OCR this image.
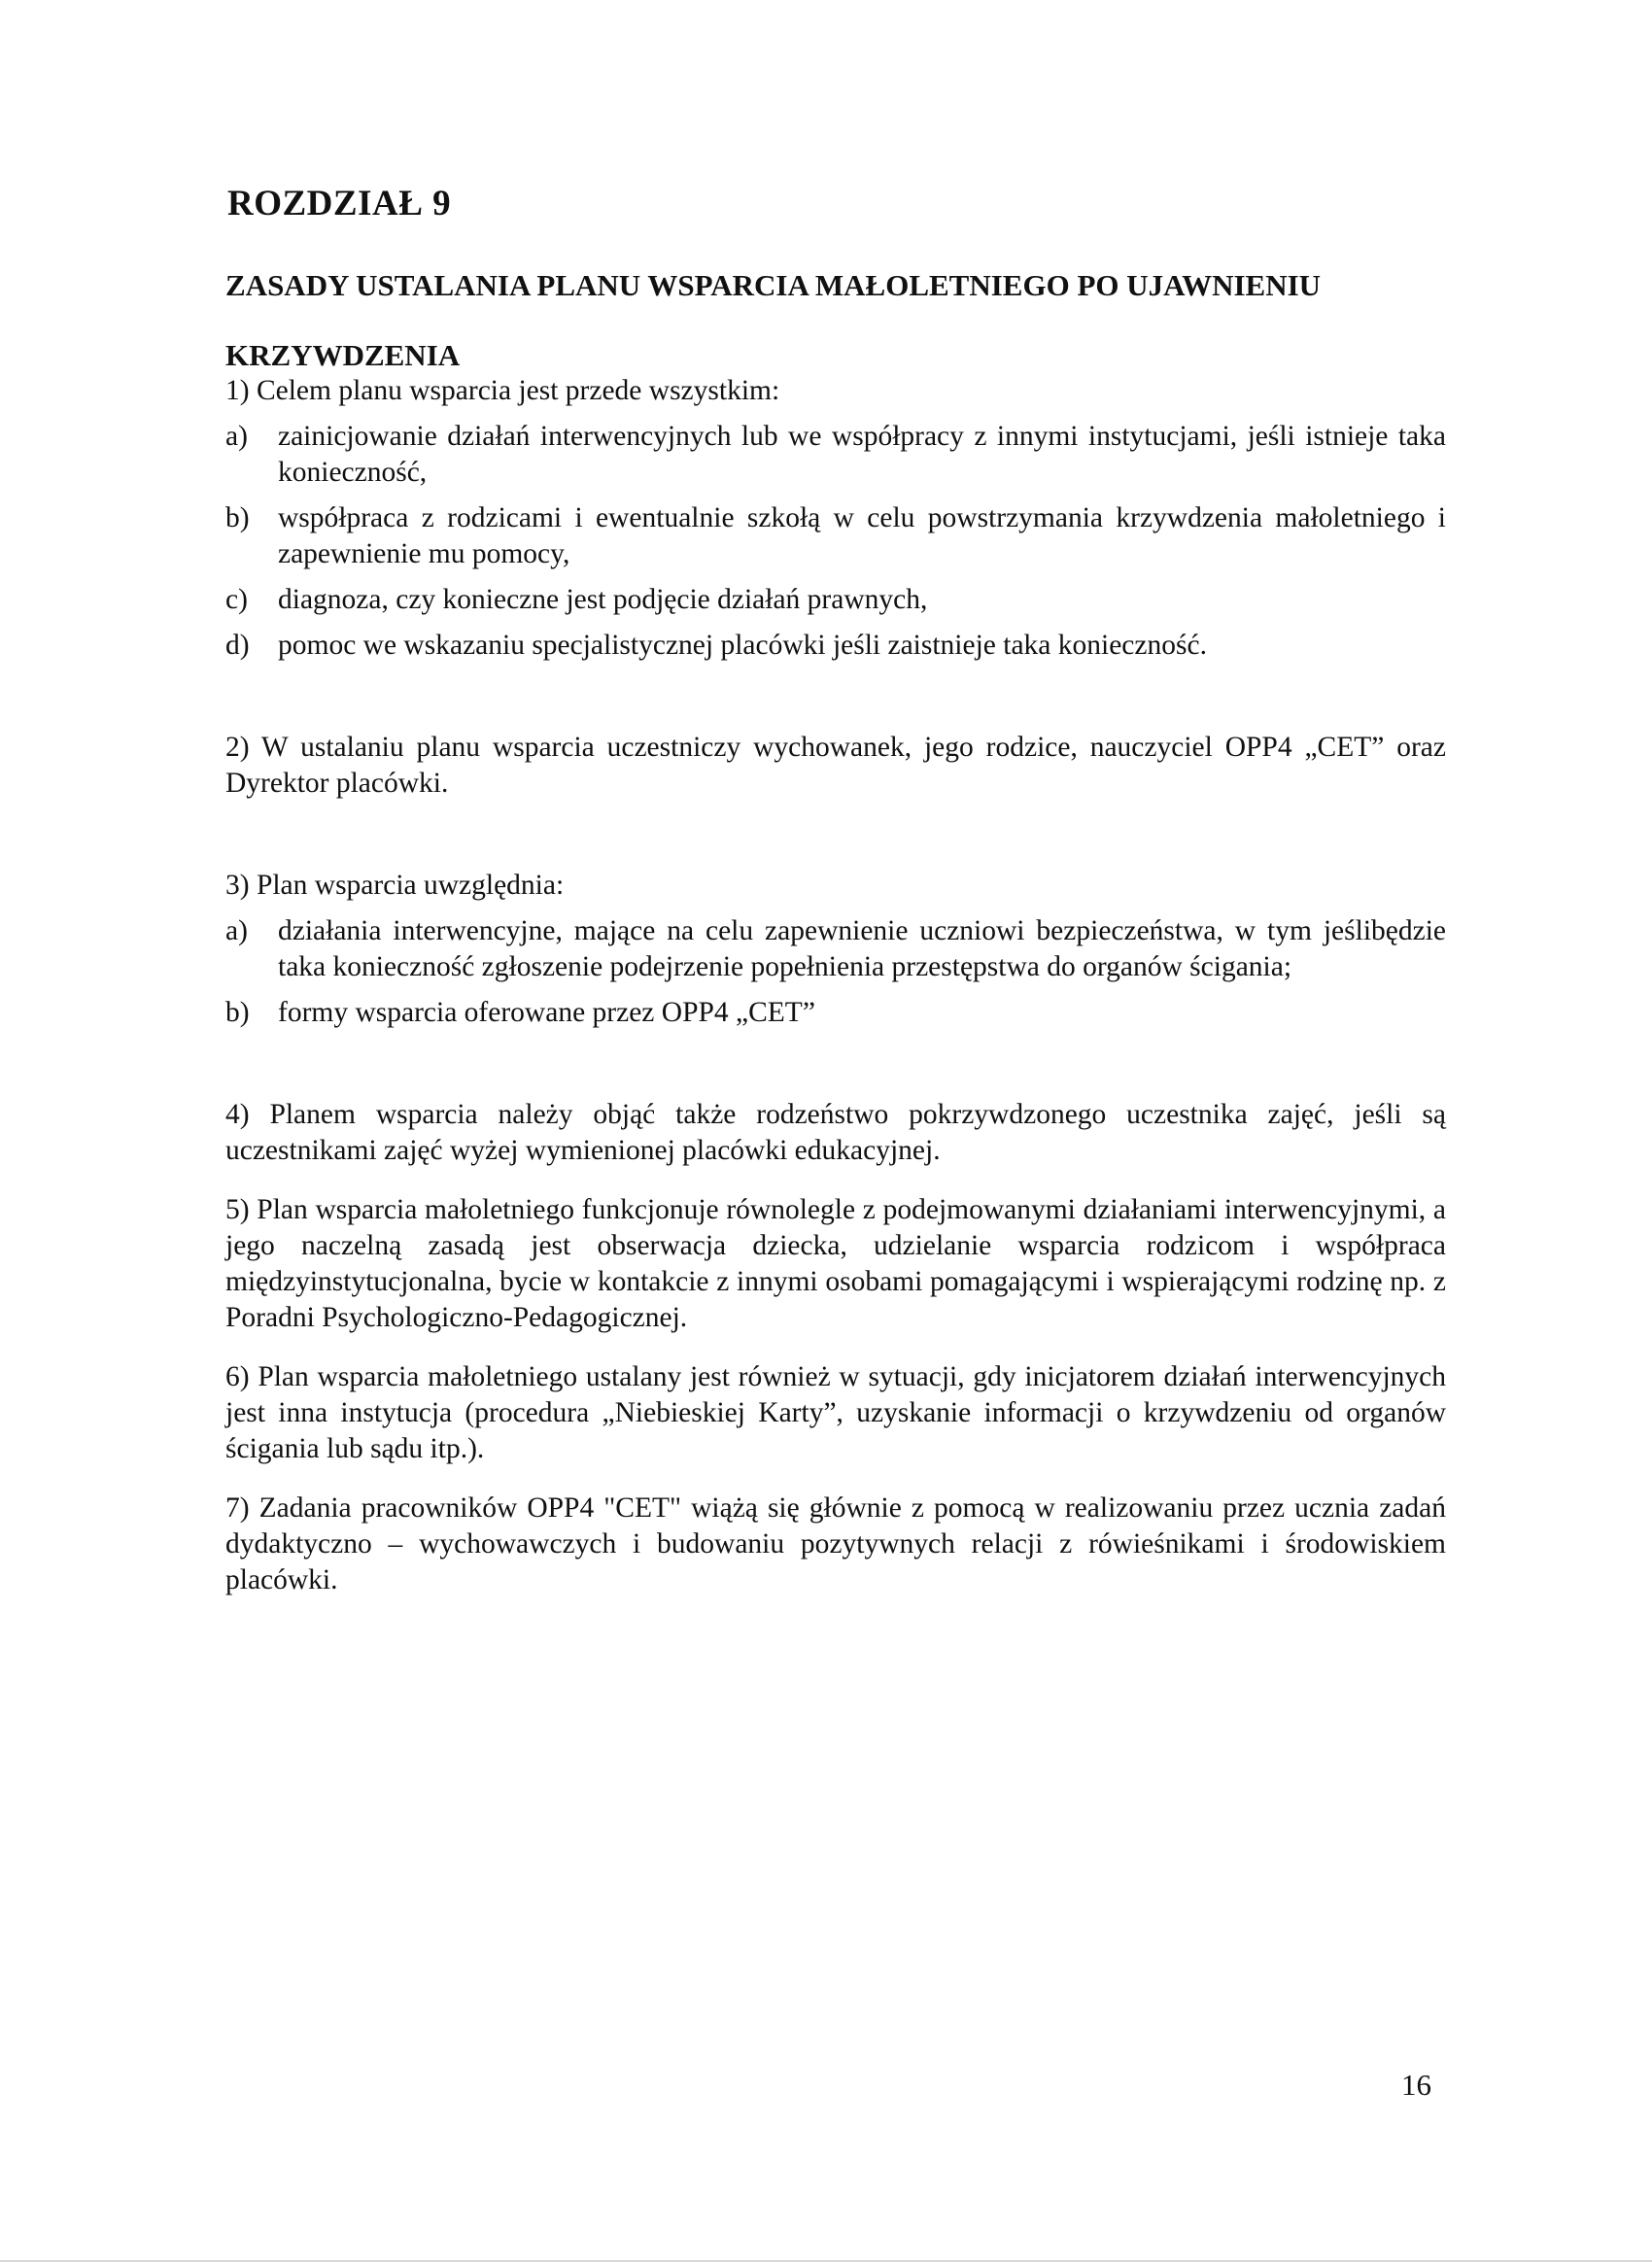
ROZDZIAŁ 9
ZASADY USTALANIA PLANU WSPARCIA MAŁOLETNIEGO PO UJAWNIENIU KRZYWDZENIA

1) Celem planu wsparcia jest przede wszystkim:

a) zainicjowanie działań interwencyjnych lub we współpracy z innymi instytucjami, jeśli istnieje taka konieczność,
b) współpraca z rodzicami i ewentualnie szkołą w celu powstrzymania krzywdzenia małoletniego i zapewnienie mu pomocy,
c) diagnoza, czy konieczne jest podjęcie działań prawnych,
d) pomoc we wskazaniu specjalistycznej placówki jeśli zaistnieje taka konieczność.

2) W ustalaniu planu wsparcia uczestniczy wychowanek, jego rodzice, nauczyciel OPP4 „CET” oraz Dyrektor placówki.

3) Plan wsparcia uwzględnia:

a) działania interwencyjne, mające na celu zapewnienie uczniowi bezpieczeństwa, w tym jeślibędzie taka konieczność zgłoszenie podejrzenie popełnienia przestępstwa do organów ścigania;
b) formy wsparcia oferowane przez OPP4 „CET”

4) Planem wsparcia należy objąć także rodzeństwo pokrzywdzonego uczestnika zajęć, jeśli są uczestnikami zajęć wyżej wymienionej placówki edukacyjnej.

5) Plan wsparcia małoletniego funkcjonuje równolegle z podejmowanymi działaniami interwencyjnymi, a jego naczelną zasadą jest obserwacja dziecka, udzielanie wsparcia rodzicom i współpraca międzyinstytucjonalna, bycie w kontakcie z innymi osobami pomagającymi i wspierającymi rodzinę np. z Poradni Psychologiczno-Pedagogicznej.

6) Plan wsparcia małoletniego ustalany jest również w sytuacji, gdy inicjatorem działań interwencyjnych jest inna instytucja (procedura „Niebieskiej Karty”, uzyskanie informacji o krzywdzeniu od organów ścigania lub sądu itp.).

7) Zadania pracowników OPP4 "CET" wiążą się głównie z pomocą w realizowaniu przez ucznia zadań dydaktyczno – wychowawczych i budowaniu pozytywnych relacji z rówieśnikami i środowiskiem placówki.

16
